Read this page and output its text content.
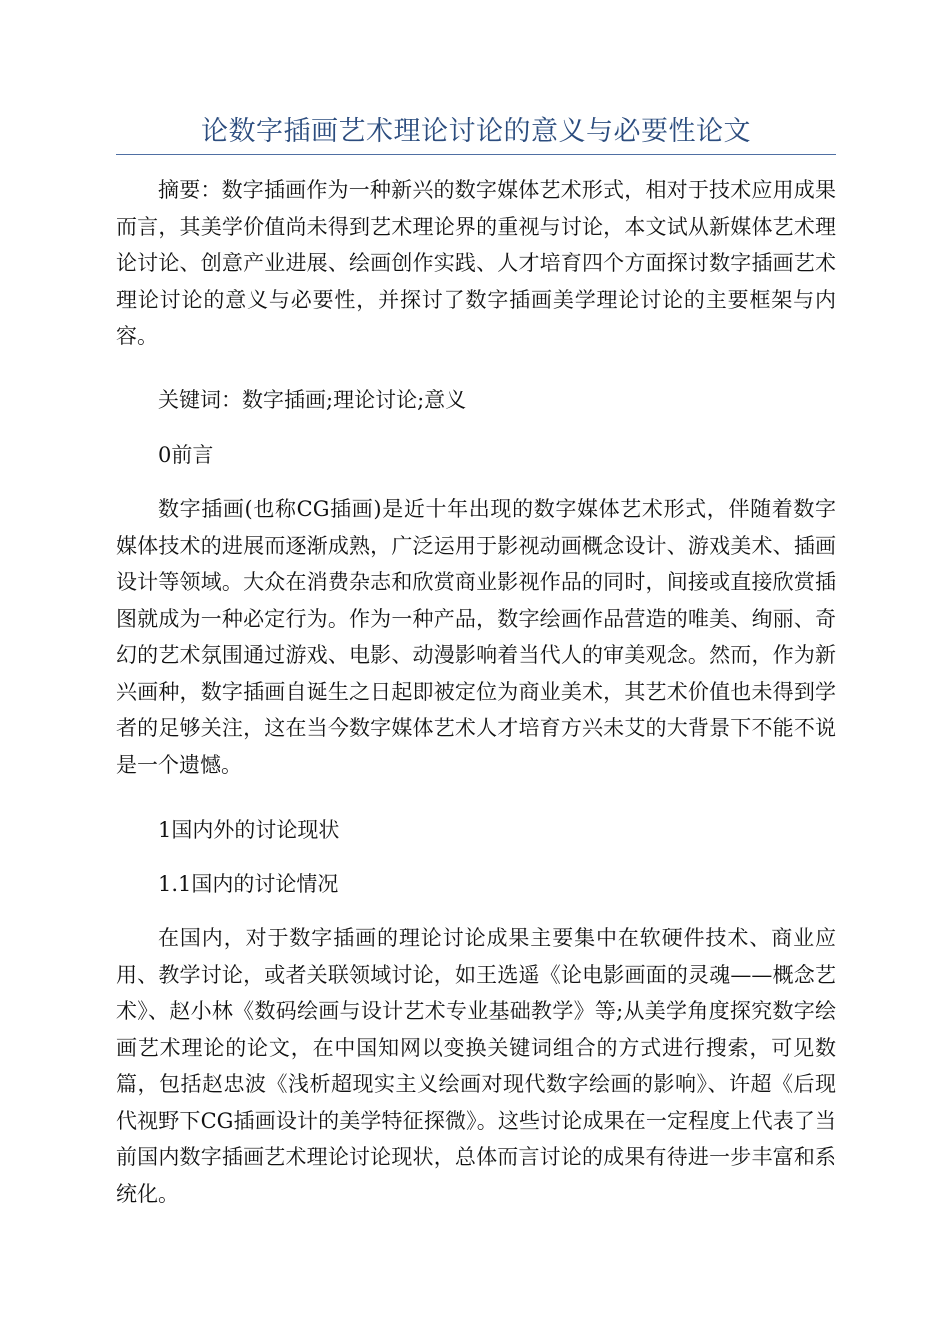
论数字插画艺术理论讨论的意义与必要性论文

摘要：数字插画作为一种新兴的数字媒体艺术形式，相对于技术应用成果而言，其美学价值尚未得到艺术理论界的重视与讨论，本文试从新媒体艺术理论讨论、创意产业进展、绘画创作实践、人才培育四个方面探讨数字插画艺术理论讨论的意义与必要性，并探讨了数字插画美学理论讨论的主要框架与内容。

关键词：数字插画;理论讨论;意义

0前言

数字插画(也称CG插画)是近十年出现的数字媒体艺术形式，伴随着数字媒体技术的进展而逐渐成熟，广泛运用于影视动画概念设计、游戏美术、插画设计等领域。大众在消费杂志和欣赏商业影视作品的同时，间接或直接欣赏插图就成为一种必定行为。作为一种产品，数字绘画作品营造的唯美、绚丽、奇幻的艺术氛围通过游戏、电影、动漫影响着当代人的审美观念。然而，作为新兴画种，数字插画自诞生之日起即被定位为商业美术，其艺术价值也未得到学者的足够关注，这在当今数字媒体艺术人才培育方兴未艾的大背景下不能不说是一个遗憾。

1国内外的讨论现状

1.1国内的讨论情况

在国内，对于数字插画的理论讨论成果主要集中在软硬件技术、商业应用、教学讨论，或者关联领域讨论，如王选遥《论电影画面的灵魂——概念艺术》、赵小林《数码绘画与设计艺术专业基础教学》等;从美学角度探究数字绘画艺术理论的论文，在中国知网以变换关键词组合的方式进行搜索，可见数篇，包括赵忠波《浅析超现实主义绘画对现代数字绘画的影响》、许超《后现代视野下CG插画设计的美学特征探微》。这些讨论成果在一定程度上代表了当前国内数字插画艺术理论讨论现状，总体而言讨论的成果有待进一步丰富和系统化。
